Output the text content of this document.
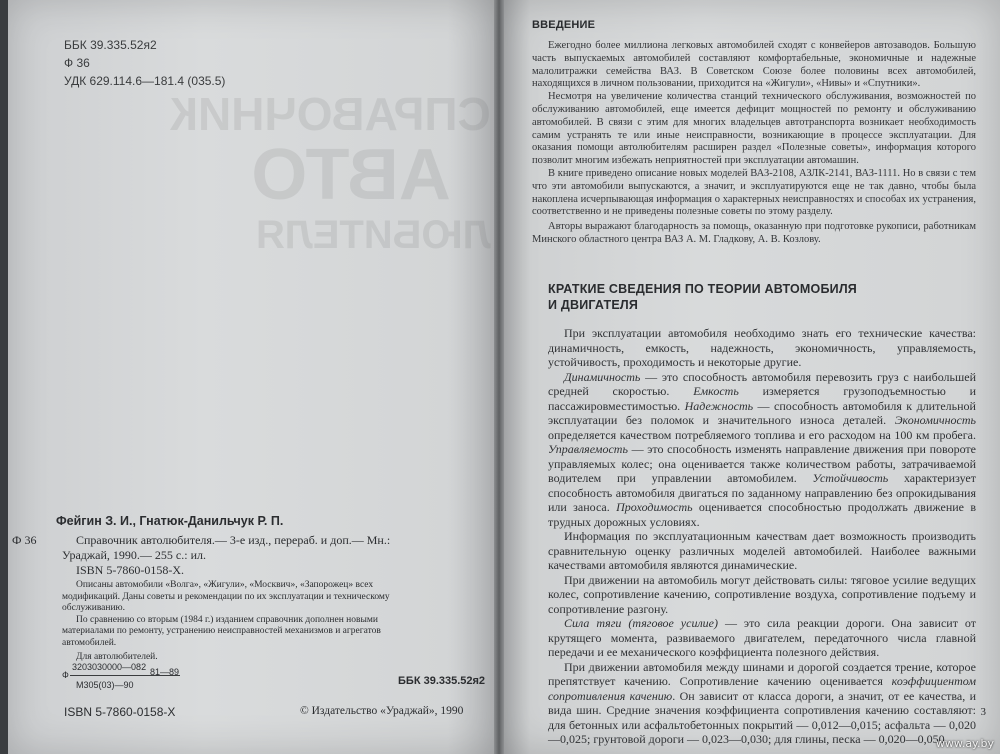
ББК 39.335.52я2
Ф 36
УДК 629.114.6—181.4 (035.5)
СПРАВОЧНИК
АВТО
ЛЮБИТЕЛЯ
Фейгин З. И., Гнатюк-Данильчук Р. П.
Ф 36	Справочник автолюбителя.— 3-е изд., перераб. и доп.— Мн.:
Ураджай, 1990.— 255 с.: ил.
ISBN 5-7860-0158-X.
Описаны автомобили «Волга», «Жигули», «Москвич», «Запорожец» всех
модификаций. Даны советы и рекомендации по их эксплуатации и техническому
обслуживанию.
По сравнению со вторым (1984 г.) изданием справочник дополнен новыми
материалами по ремонту, устранению неисправностей механизмов и агрегатов
автомобилей.
Для автолюбителей.
3203030000—082
Ф	81—89
М305(03)—90	ББК 39.335.52я2
ISBN 5-7860-0158-X	© Издательство «Ураджай», 1990
ВВЕДЕНИЕ

Ежегодно более миллиона легковых автомобилей сходят с конвейеров автозаводов. Большую часть выпускаемых автомобилей составляют комфортабельные, экономичные и надежные малолитражки семейства ВАЗ. В Советском Союзе более половины всех автомобилей, находящихся в личном пользовании, приходится на «Жигули», «Нивы» и «Спутники».

Несмотря на увеличение количества станций технического обслуживания, возможностей по обслуживанию автомобилей, еще имеется дефицит мощностей по ремонту и обслуживанию автомобилей. В связи с этим для многих владельцев автотранспорта возникает необходимость самим устранять те или иные неисправности, возникающие в процессе эксплуатации. Для оказания помощи автолюбителям расширен раздел «Полезные советы», информация которого позволит многим избежать неприятностей при эксплуатации автомашин.

В книге приведено описание новых моделей ВАЗ-2108, АЗЛК-2141, ВАЗ-1111. Но в связи с тем что эти автомобили выпускаются, а значит, и эксплуатируются еще не так давно, чтобы была накоплена исчерпывающая информация о характерных неисправностях и способах их устранения, соответственно и не приведены полезные советы по этому разделу.

Авторы выражают благодарность за помощь, оказанную при подготовке рукописи, работникам Минского областного центра ВАЗ А. М. Гладкову, А. В. Козлову.

КРАТКИЕ СВЕДЕНИЯ ПО ТЕОРИИ АВТОМОБИЛЯ
И ДВИГАТЕЛЯ

При эксплуатации автомобиля необходимо знать его технические качества: динамичность, емкость, надежность, экономичность, управляемость, устойчивость, проходимость и некоторые другие.

Динамичность — это способность автомобиля перевозить груз с наибольшей средней скоростью. Емкость измеряется грузоподъемностью и пассажировместимостью. Надежность — способность автомобиля к длительной эксплуатации без поломок и значительного износа деталей. Экономичность определяется качеством потребляемого топлива и его расходом на 100 км пробега. Управляемость — это способность изменять направление движения при повороте управляемых колес; она оценивается также количеством работы, затрачиваемой водителем при управлении автомобилем. Устойчивость характеризует способность автомобиля двигаться по заданному направлению без опрокидывания или заноса. Проходимость оценивается способностью продолжать движение в трудных дорожных условиях.

Информация по эксплуатационным качествам дает возможность производить сравнительную оценку различных моделей автомобилей. Наиболее важными качествами автомобиля являются динамические.

При движении на автомобиль могут действовать силы: тяговое усилие ведущих колес, сопротивление качению, сопротивление воздуха, сопротивление подъему и сопротивление разгону.

Сила тяги (тяговое усилие) — это сила реакции дороги. Она зависит от крутящего момента, развиваемого двигателем, передаточного числа главной передачи и ее механического коэффициента полезного действия.

При движении автомобиля между шинами и дорогой создается трение, которое препятствует качению. Сопротивление качению оценивается коэффициентом сопротивления качению. Он зависит от класса дороги, а значит, от ее качества, и вида шин. Средние значения коэффициента сопротивления качению составляют: для бетонных или асфальтобетонных покрытий — 0,012—0,015; асфальта — 0,020—0,025; грунтовой дороги — 0,023—0,030; для глины, песка — 0,020—0,050.

3
www.ay.by
